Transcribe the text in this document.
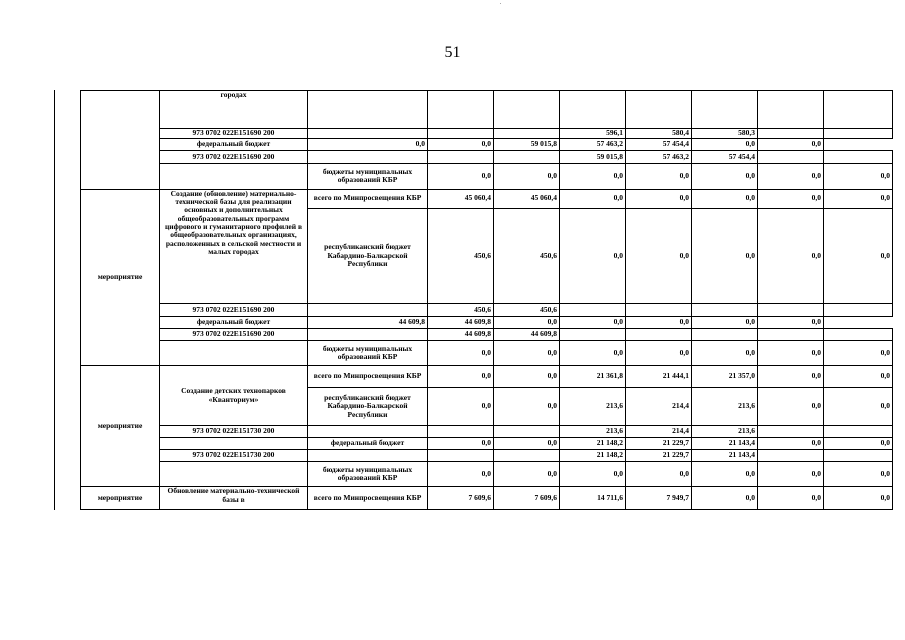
51
	городах								
	973 0702 022E151690 200				596,1	580,4	580,3		
	федеральный бюджет	0,0	0,0	59 015,8	57 463,2	57 454,4	0,0	0,0	
	973 0702 022E151690 200				59 015,8	57 463,2	57 454,4		
		бюджеты муниципальных образований КБР	0,0	0,0	0,0	0,0	0,0	0,0	0,0
мероприятие	Создание (обновление) материально-технической базы для реализации основных и дополнительных общеобразовательных программ цифрового и гуманитарного профилей в общеобразовательных организациях, расположенных в сельской местности и малых городах	всего по Минпросвещения КБР	45 060,4	45 060,4	0,0	0,0	0,0	0,0	0,0
		республиканский бюджет Кабардино-Балкарской Республики	450,6	450,6	0,0	0,0	0,0	0,0	0,0
	973 0702 022E151690 200		450,6	450,6					
	федеральный бюджет	44 609,8	44 609,8	0,0	0,0	0,0	0,0	0,0	
	973 0702 022E151690 200		44 609,8	44 609,8					
		бюджеты муниципальных образований КБР	0,0	0,0	0,0	0,0	0,0	0,0	0,0
мероприятие	Создание детских технопарков «Кванториум»	всего по Минпросвещения КБР	0,0	0,0	21 361,8	21 444,1	21 357,0	0,0	0,0
		республиканский бюджет Кабардино-Балкарской Республики	0,0	0,0	213,6	214,4	213,6	0,0	0,0
	973 0702 022E151730 200				213,6	214,4	213,6		
		федеральный бюджет	0,0	0,0	21 148,2	21 229,7	21 143,4	0,0	0,0
	973 0702 022E151730 200				21 148,2	21 229,7	21 143,4		
		бюджеты муниципальных образований КБР	0,0	0,0	0,0	0,0	0,0	0,0	0,0
мероприятие	Обновление материально-технической базы в	всего по Минпросвещения КБР	7 609,6	7 609,6	14 711,6	7 949,7	0,0	0,0	0,0
